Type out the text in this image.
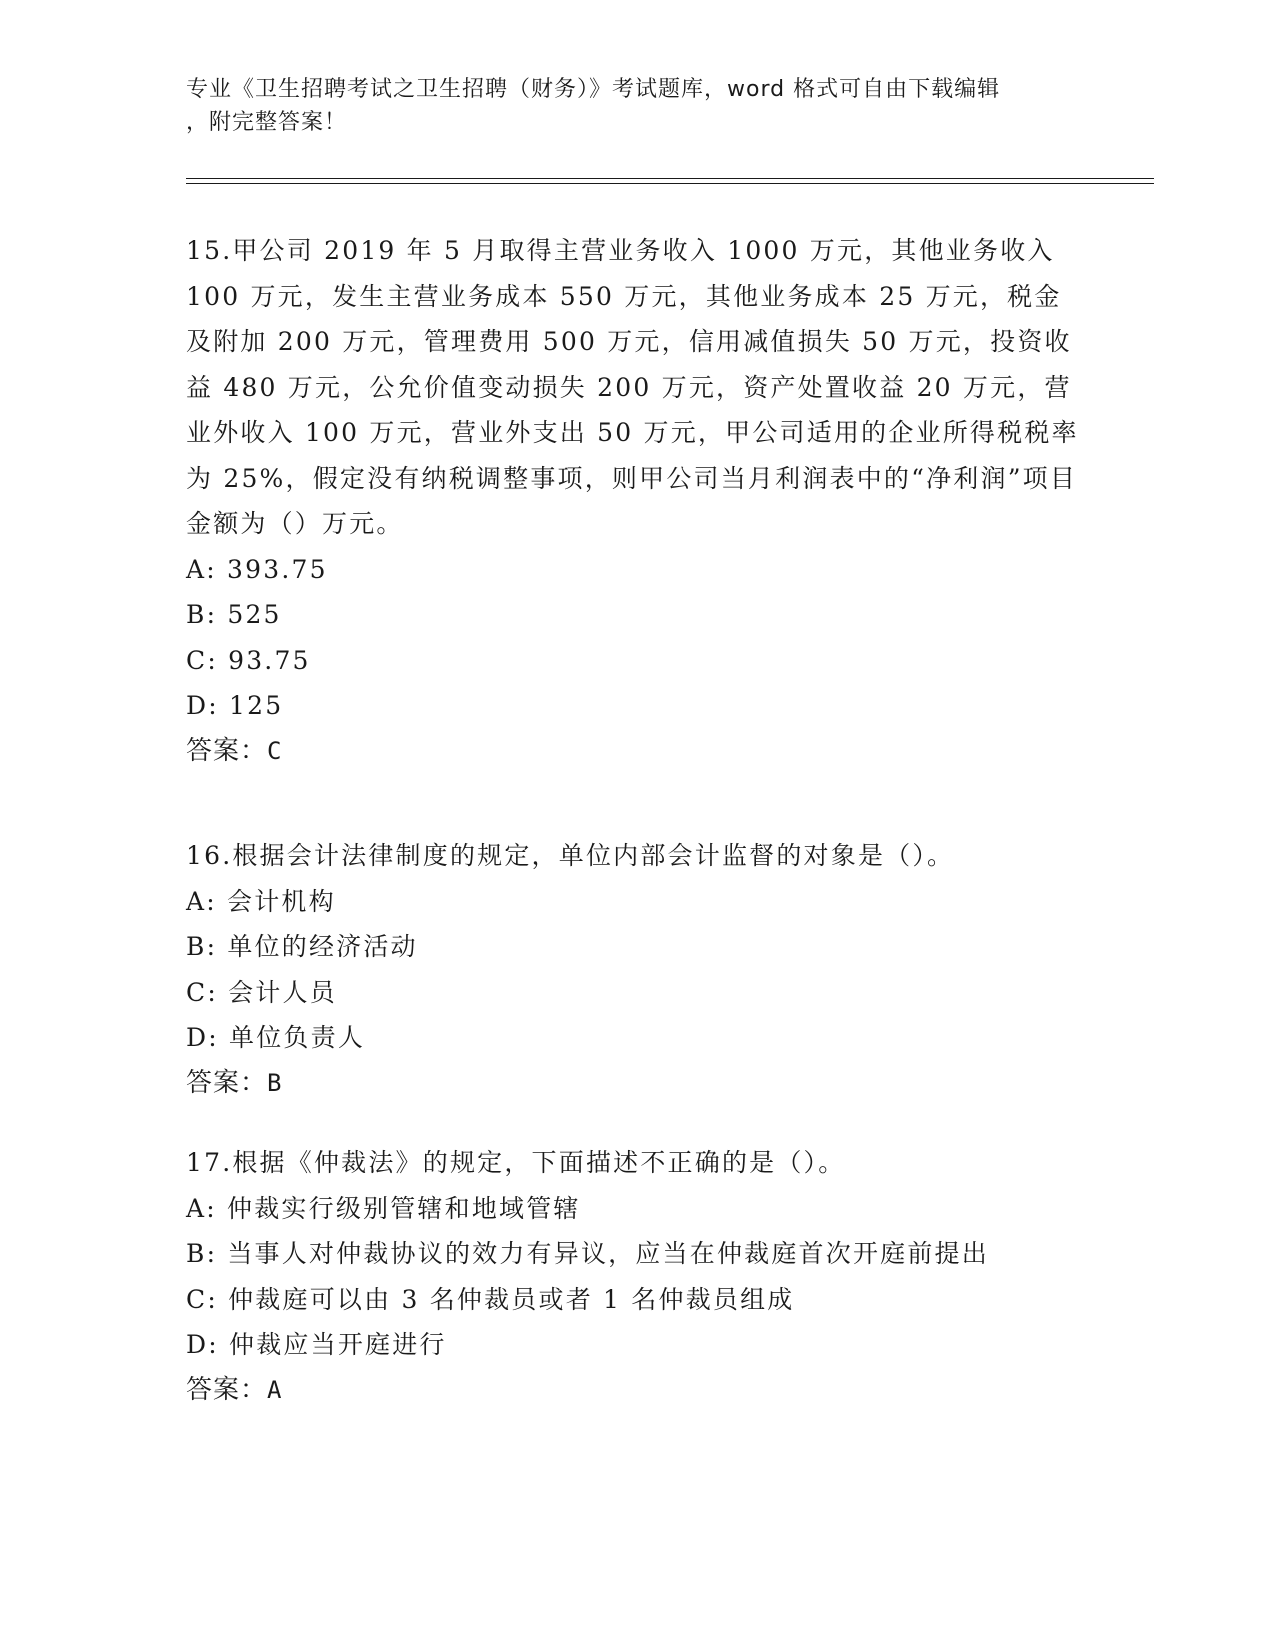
专业《卫生招聘考试之卫生招聘（财务）》考试题库，word 格式可自由下载编辑
，附完整答案！

15.甲公司 2019 年 5 月取得主营业务收入 1000 万元，其他业务收入 100 万元，发生主营业务成本 550 万元，其他业务成本 25 万元，税金及附加 200 万元，管理费用 500 万元，信用减值损失 50 万元，投资收益 480 万元，公允价值变动损失 200 万元，资产处置收益 20 万元，营业外收入 100 万元，营业外支出 50 万元，甲公司适用的企业所得税税率为 25%，假定没有纳税调整事项，则甲公司当月利润表中的“净利润”项目金额为（）万元。

A: 393.75

B: 525

C: 93.75

D: 125

答案：C

16.根据会计法律制度的规定，单位内部会计监督的对象是（）。

A: 会计机构

B: 单位的经济活动

C: 会计人员

D: 单位负责人

答案：B

17.根据《仲裁法》的规定，下面描述不正确的是（）。

A: 仲裁实行级别管辖和地域管辖

B: 当事人对仲裁协议的效力有异议，应当在仲裁庭首次开庭前提出

C: 仲裁庭可以由 3 名仲裁员或者 1 名仲裁员组成

D: 仲裁应当开庭进行

答案：A
